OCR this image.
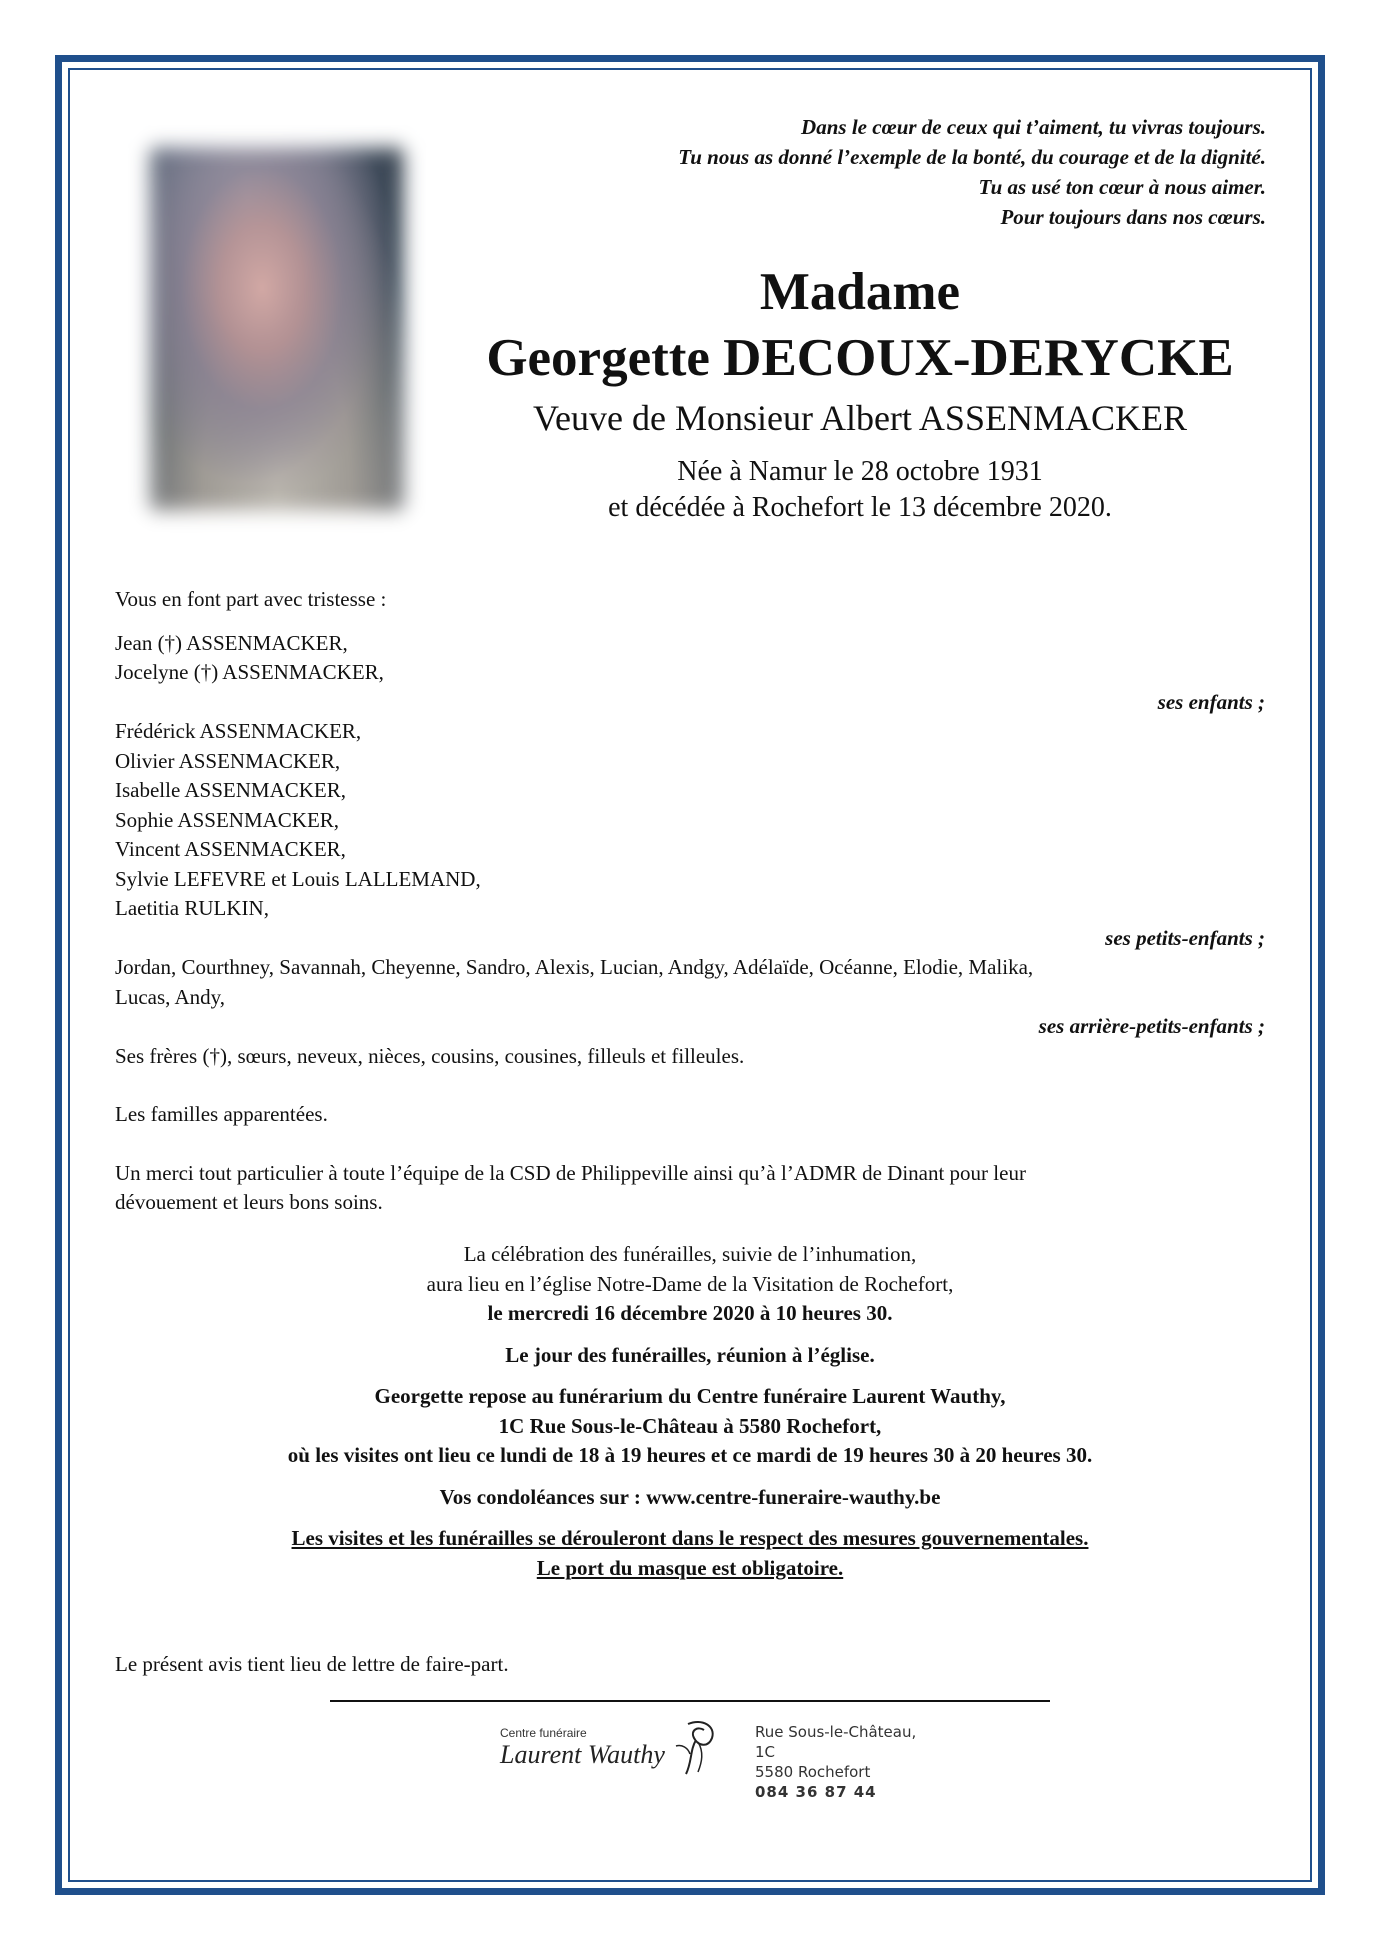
Dans le cœur de ceux qui t’aiment, tu vivras toujours.
Tu nous as donné l’exemple de la bonté, du courage et de la dignité.
Tu as usé ton cœur à nous aimer.
Pour toujours dans nos cœurs.
Madame
Georgette DECOUX-DERYCKE
Veuve de Monsieur Albert ASSENMACKER
Née à Namur le 28 octobre 1931
et décédée à Rochefort le 13 décembre 2020.
Vous en font part avec tristesse :
Jean (†) ASSENMACKER,
Jocelyne (†) ASSENMACKER,
ses enfants ;
Frédérick ASSENMACKER,
Olivier ASSENMACKER,
Isabelle ASSENMACKER,
Sophie ASSENMACKER,
Vincent ASSENMACKER,
Sylvie LEFEVRE et Louis LALLEMAND,
Laetitia RULKIN,
ses petits-enfants ;
Jordan, Courthney, Savannah, Cheyenne, Sandro, Alexis, Lucian, Andgy, Adélaïde, Océanne, Elodie, Malika,
Lucas, Andy,
ses arrière-petits-enfants ;
Ses frères (†), sœurs, neveux, nièces, cousins, cousines, filleuls et filleules.
Les familles apparentées.
Un merci tout particulier à toute l’équipe de la CSD de Philippeville ainsi qu’à l’ADMR de Dinant pour leur
dévouement et leurs bons soins.
La célébration des funérailles, suivie de l’inhumation,
aura lieu en l’église Notre-Dame de la Visitation de Rochefort,
le mercredi 16 décembre 2020 à 10 heures 30.
Le jour des funérailles, réunion à l’église.
Georgette repose au funérarium du Centre funéraire Laurent Wauthy,
1C Rue Sous-le-Château à 5580 Rochefort,
où les visites ont lieu ce lundi de 18 à 19 heures et ce mardi de 19 heures 30 à 20 heures 30.
Vos condoléances sur : www.centre-funeraire-wauthy.be
Les visites et les funérailles se dérouleront dans le respect des mesures gouvernementales.
Le port du masque est obligatoire.
Le présent avis tient lieu de lettre de faire-part.
Centre funéraire
Laurent Wauthy
Rue Sous-le-Château, 1C
5580 Rochefort
084 36 87 44
